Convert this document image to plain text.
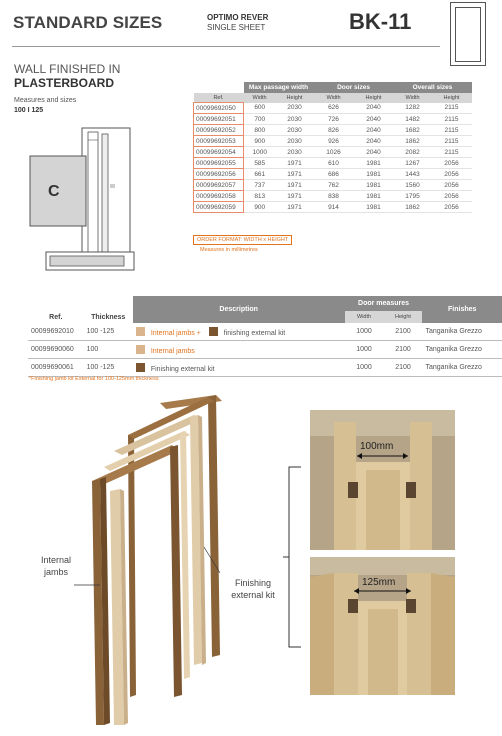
STANDARD SIZES	OPTIMO REVER
SINGLE SHEET	BK-11
WALL FINISHED IN
PLASTERBOARD
Measures and sizes
100 I 125
C
	Max passage width		Door sizes		Overall sizes	
Ref.	Width	Height	Width	Height	Width	Height
00099692050	600	2030	626	2040	1282	2115
00099692051	700	2030	726	2040	1482	2115
00099692052	800	2030	826	2040	1682	2115
00099692053	900	2030	926	2040	1862	2115
00099692054	1000	2030	1026	2040	2082	2115
00099692055	585	1971	610	1981	1267	2056
00099692056	661	1971	686	1981	1443	2056
00099692057	737	1971	762	1981	1560	2056
00099692058	813	1971	838	1981	1795	2056
00099692059	900	1971	914	1981	1862	2056
ORDER FORMAT: WIDTH x HEIGHT
Measures in millimetres
		Description	Door measures		Finishes
Ref.	Thickness		Width	Height	
00099692010	100 -125	Internal jambs + finishing external kit	1000	2100	Tanganika Grezzo
00099690060	100	Internal jambs	1000	2100	Tanganika Grezzo
00099690061	100 -125	Finishing external kit	1000	2100	Tanganika Grezzo
*Finishing jamb kit External for 100-125mm thickness
Internal
jambs
Finishing
external kit
100mm
125mm
